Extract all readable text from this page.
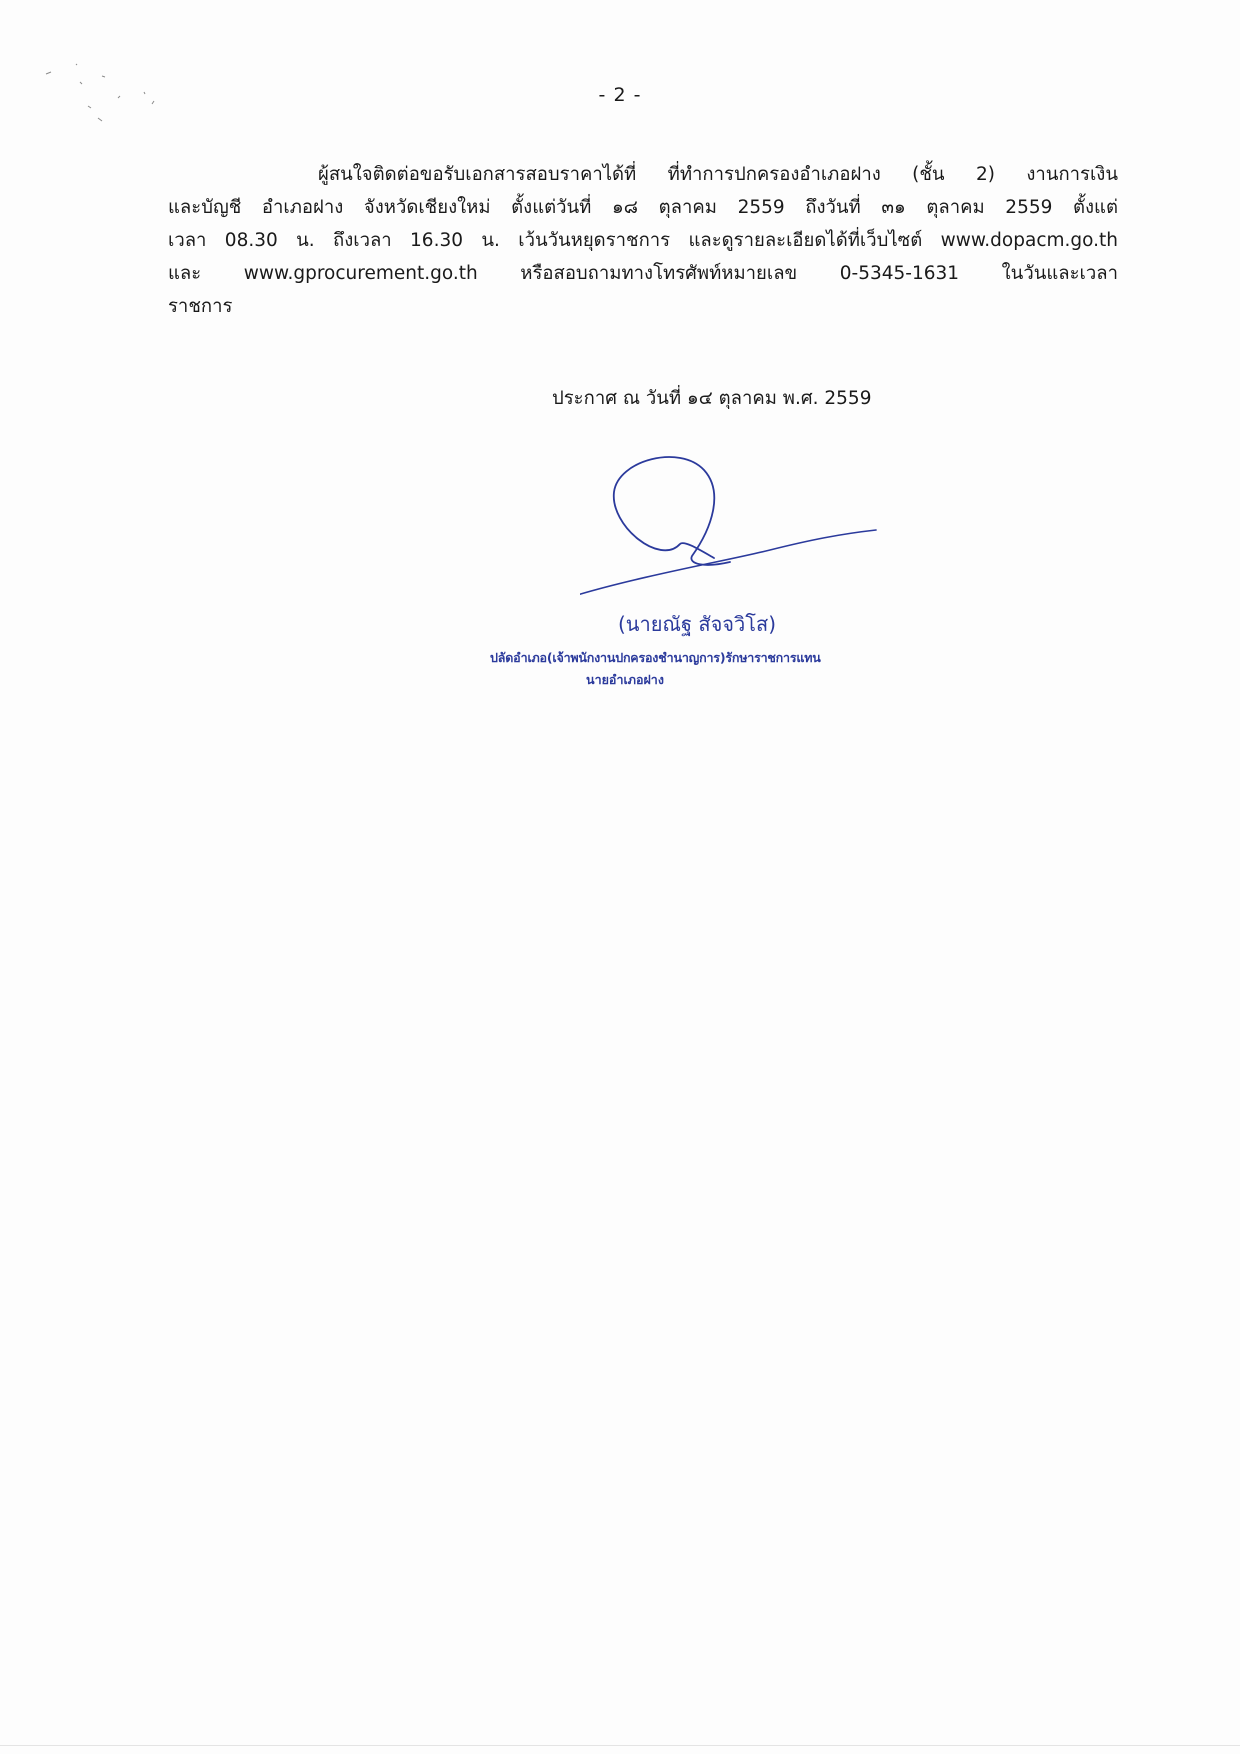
- 2 -
ผู้สนใจติดต่อขอรับเอกสารสอบราคาได้ที่ ที่ทำการปกครองอำเภอฝาง (ชั้น 2) งานการเงิน
และบัญชี อำเภอฝาง จังหวัดเชียงใหม่ ตั้งแต่วันที่ ๑๘ ตุลาคม 2559 ถึงวันที่ ๓๑ ตุลาคม 2559 ตั้งแต่
เวลา 08.30 น. ถึงเวลา 16.30 น. เว้นวันหยุดราชการ และดูรายละเอียดได้ที่เว็บไซต์ www.dopacm.go.th
และ www.gprocurement.go.th หรือสอบถามทางโทรศัพท์หมายเลข 0-5345-1631 ในวันและเวลา
ราชการ
ประกาศ ณ วันที่ ๑๔ ตุลาคม พ.ศ. 2559
(นายณัฐ สัจจวิโส)
ปลัดอำเภอ(เจ้าพนักงานปกครองชำนาญการ)รักษาราชการแทน
นายอำเภอฝาง
